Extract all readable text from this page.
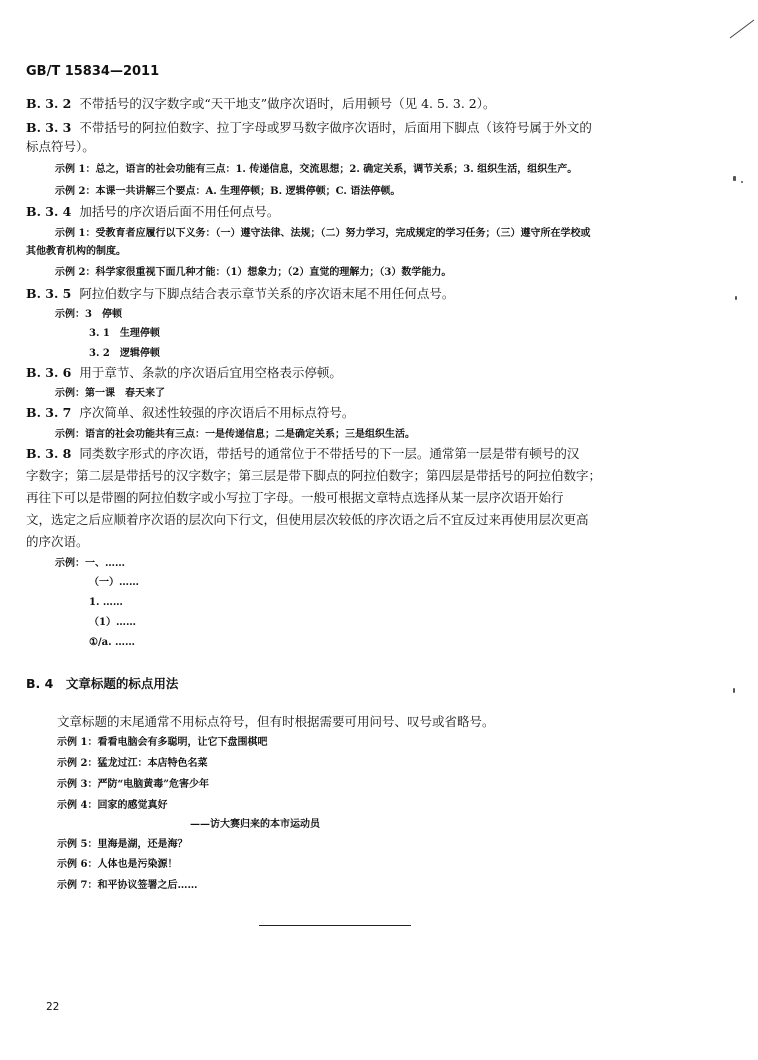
GB/T 15834—2011
B. 3. 2 不带括号的汉字数字或“天干地支”做序次语时，后用顿号（见 4. 5. 3. 2）。
B. 3. 3 不带括号的阿拉伯数字、拉丁字母或罗马数字做序次语时，后面用下脚点（该符号属于外文的
标点符号）。
示例 1：总之，语言的社会功能有三点：1. 传递信息，交流思想；2. 确定关系，调节关系；3. 组织生活，组织生产。
示例 2：本课一共讲解三个要点：A. 生理停顿；B. 逻辑停顿；C. 语法停顿。
B. 3. 4 加括号的序次语后面不用任何点号。
示例 1：受教育者应履行以下义务：（一）遵守法律、法规；（二）努力学习，完成规定的学习任务；（三）遵守所在学校或
其他教育机构的制度。
示例 2：科学家很重视下面几种才能：（1）想象力；（2）直觉的理解力；（3）数学能力。
B. 3. 5 阿拉伯数字与下脚点结合表示章节关系的序次语末尾不用任何点号。
示例：3　停顿
3. 1　生理停顿
3. 2　逻辑停顿
B. 3. 6 用于章节、条款的序次语后宜用空格表示停顿。
示例：第一课　春天来了
B. 3. 7 序次简单、叙述性较强的序次语后不用标点符号。
示例：语言的社会功能共有三点：一是传递信息；二是确定关系；三是组织生活。
B. 3. 8 同类数字形式的序次语，带括号的通常位于不带括号的下一层。通常第一层是带有顿号的汉
字数字；第二层是带括号的汉字数字；第三层是带下脚点的阿拉伯数字；第四层是带括号的阿拉伯数字；
再往下可以是带圈的阿拉伯数字或小写拉丁字母。一般可根据文章特点选择从某一层序次语开始行
文，选定之后应顺着序次语的层次向下行文，但使用层次较低的序次语之后不宜反过来再使用层次更高
的序次语。
示例：一、……
（一）……
1. ……
（1）……
①/a. ……
B. 4　文章标题的标点用法
文章标题的末尾通常不用标点符号，但有时根据需要可用问号、叹号或省略号。
示例 1：看看电脑会有多聪明，让它下盘围棋吧
示例 2：猛龙过江：本店特色名菜
示例 3：严防“电脑黄毒”危害少年
示例 4：回家的感觉真好
——访大赛归来的本市运动员
示例 5：里海是湖，还是海？
示例 6：人体也是污染源！
示例 7：和平协议签署之后……
22
